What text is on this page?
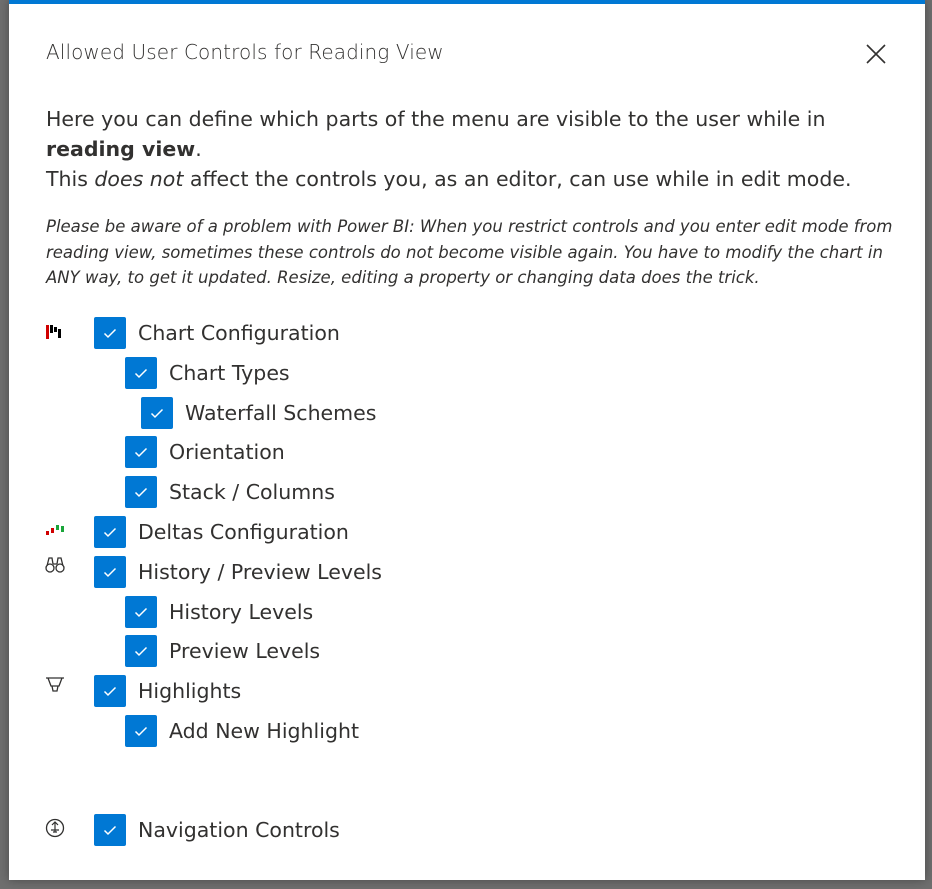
Allowed User Controls for Reading View

Here you can define which parts of the menu are visible to the user while in reading view.

This does not affect the controls you, as an editor, can use while in edit mode.

Please be aware of a problem with Power BI: When you restrict controls and you enter edit mode from reading view, sometimes these controls do not become visible again. You have to modify the chart in ANY way, to get it updated. Resize, editing a property or changing data does the trick.
Chart Configuration
Chart Types
Waterfall Schemes
Orientation
Stack / Columns
Deltas Configuration
History / Preview Levels
History Levels
Preview Levels
Highlights
Add New Highlight
Navigation Controls
